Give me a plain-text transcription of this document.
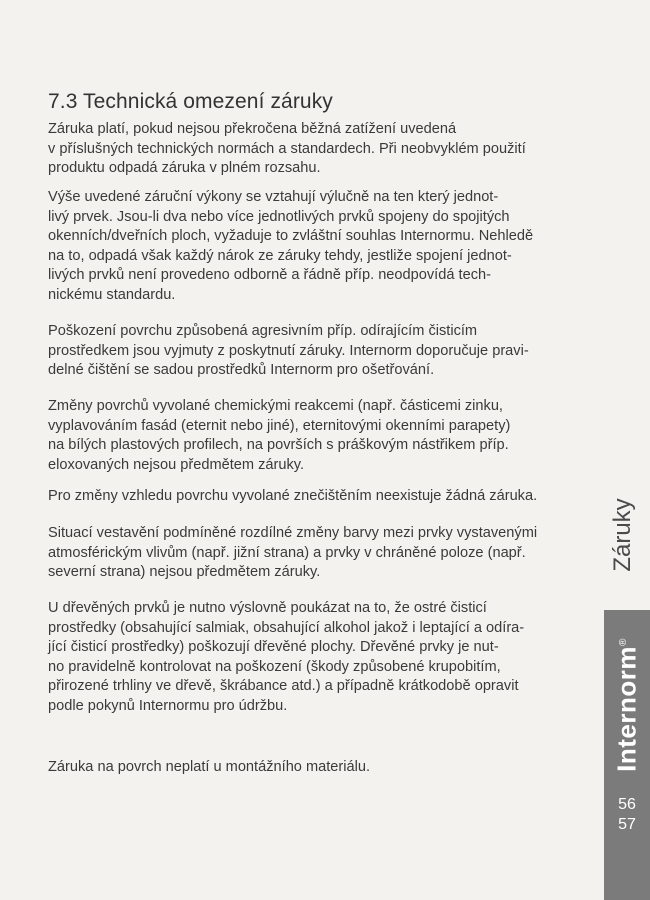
7.3 Technická omezení záruky
Záruka platí, pokud nejsou překročena běžná zatížení uvedená
v příslušných technických normách a standardech. Při neobvyklém použití
produktu odpadá záruka v plném rozsahu.
Výše uvedené záruční výkony se vztahují výlučně na ten který jednot-
livý prvek. Jsou-li dva nebo více jednotlivých prvků spojeny do spojitých
okenních/dveřních ploch, vyžaduje to zvláštní souhlas Internormu. Nehledě
na to, odpadá však každý nárok ze záruky tehdy, jestliže spojení jednot-
livých prvků není provedeno odborně a řádně příp. neodpovídá tech-
nickému standardu.
Poškození povrchu způsobená agresivním příp. odírajícím čisticím
prostředkem jsou vyjmuty z poskytnutí záruky. Internorm doporučuje pravi-
delné čištění se sadou prostředků Internorm pro ošetřování.
Změny povrchů vyvolané chemickými reakcemi (např. částicemi zinku,
vyplavováním fasád (eternit nebo jiné), eternitovými okenními parapety)
na bílých plastových profilech, na površích s práškovým nástřikem příp.
eloxovaných nejsou předmětem záruky.
Pro změny vzhledu povrchu vyvolané znečištěním neexistuje žádná záruka.
Situací vestavění podmíněné rozdílné změny barvy mezi prvky vystavenými
atmosférickým vlivům (např. jižní strana) a prvky v chráněné poloze (např.
severní strana) nejsou předmětem záruky.
U dřevěných prvků je nutno výslovně poukázat na to, že ostré čisticí
prostředky (obsahující salmiak, obsahující alkohol jakož i leptající a odíra-
jící čisticí prostředky) poškozují dřevěné plochy. Dřevěné prvky je nut-
no pravidelně kontrolovat na poškození (škody způsobené krupobitím,
přirozené trhliny ve dřevě, škrábance atd.) a případně krátkodobě opravit
podle pokynů Internormu pro údržbu.
Záruka na povrch neplatí u montážního materiálu.
Záruky
Internorm®
56
57
